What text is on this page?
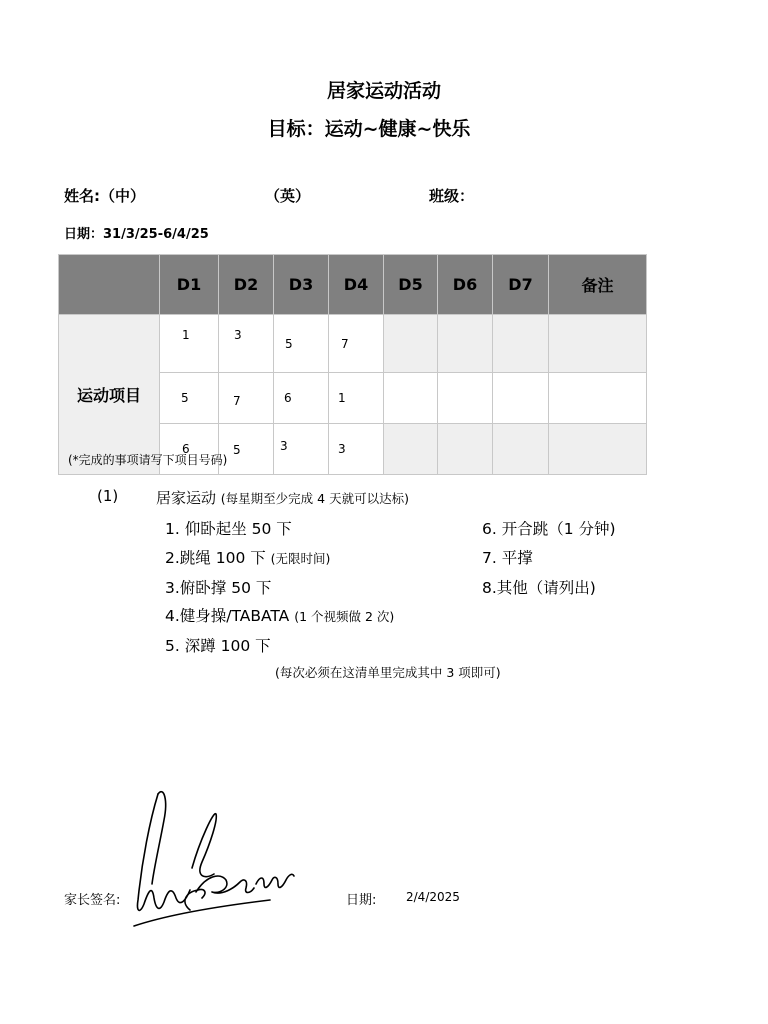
居家运动活动
目标：运动~健康~快乐
姓名:（中）	（英）	班级：
日期：31/3/25-6/4/25
	D1	D2	D3	D4	D5	D6	D7	备注
运动项目	1	3	5	7				
	5	7	6	1				
	6	5	3	3				
(*完成的事项请写下项目号码)
(1)	居家运动 (每星期至少完成 4 天就可以达标)
1. 仰卧起坐 50 下
2.跳绳 100 下 (无限时间)
3.俯卧撑 50 下
4.健身操/TABATA (1 个视频做 2 次)
5. 深蹲 100 下
6. 开合跳（1 分钟)
7. 平撑
8.其他（请列出)
(每次必须在这清单里完成其中 3 项即可)
家长签名:	日期: 2/4/2025
